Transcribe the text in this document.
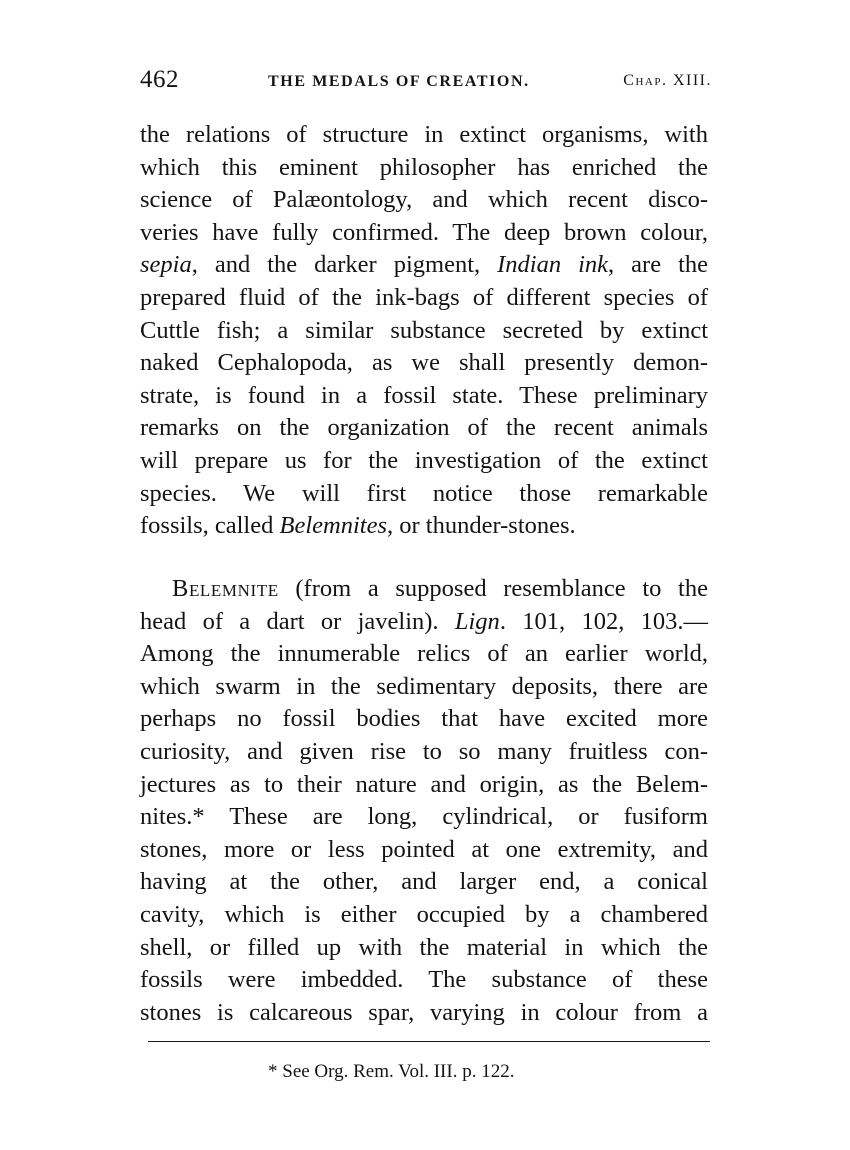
462	THE MEDALS OF CREATION.	Chap. XIII.
the relations of structure in extinct organisms, with
which this eminent philosopher has enriched the
science of Palæontology, and which recent disco-
veries have fully confirmed. The deep brown colour,
sepia, and the darker pigment, Indian ink, are the
prepared fluid of the ink-bags of different species of
Cuttle fish; a similar substance secreted by extinct
naked Cephalopoda, as we shall presently demon-
strate, is found in a fossil state. These preliminary
remarks on the organization of the recent animals
will prepare us for the investigation of the extinct
species. We will first notice those remarkable
fossils, called Belemnites, or thunder-stones.
Belemnite (from a supposed resemblance to the
head of a dart or javelin). Lign. 101, 102, 103.—
Among the innumerable relics of an earlier world,
which swarm in the sedimentary deposits, there are
perhaps no fossil bodies that have excited more
curiosity, and given rise to so many fruitless con-
jectures as to their nature and origin, as the Belem-
nites.* These are long, cylindrical, or fusiform
stones, more or less pointed at one extremity, and
having at the other, and larger end, a conical
cavity, which is either occupied by a chambered
shell, or filled up with the material in which the
fossils were imbedded. The substance of these
stones is calcareous spar, varying in colour from a
* See Org. Rem. Vol. III. p. 122.
